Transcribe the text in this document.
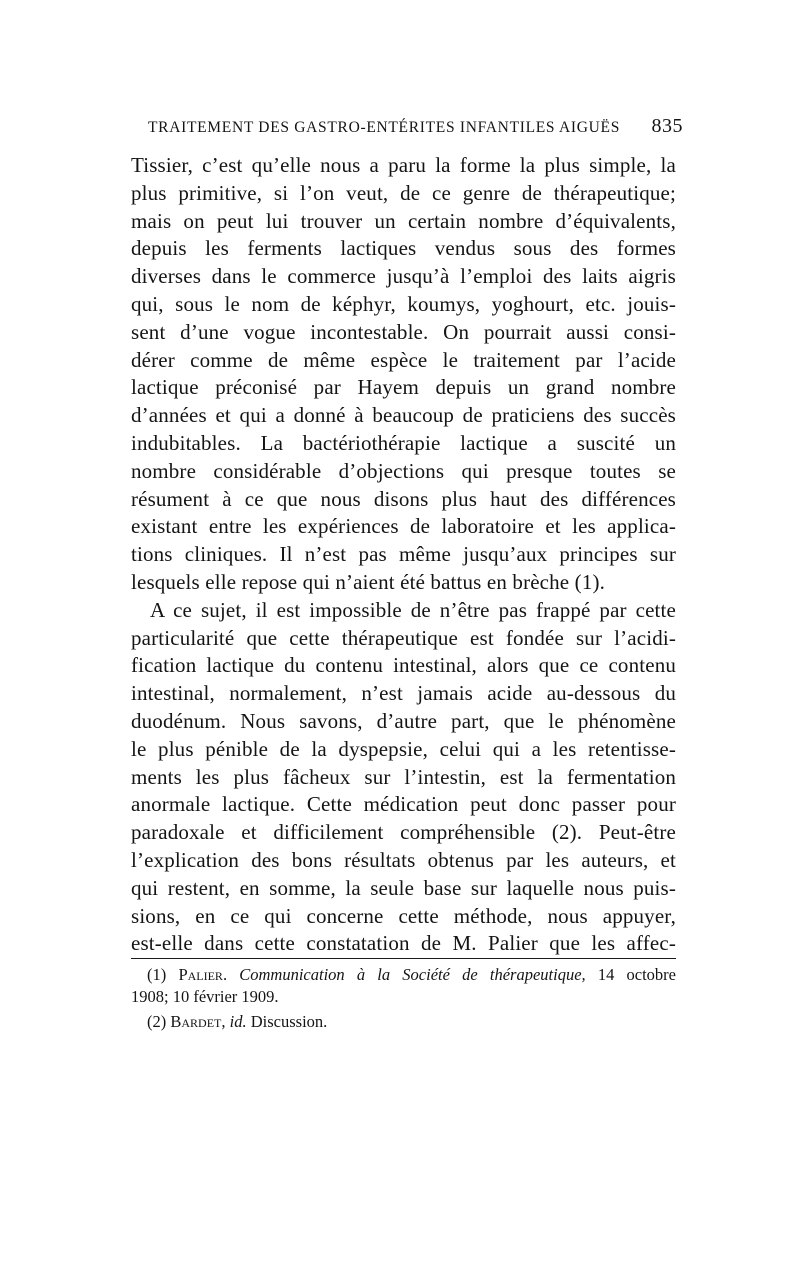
TRAITEMENT DES GASTRO-ENTÉRITES INFANTILES AIGUËS 835
Tissier, c’est qu’elle nous a paru la forme la plus simple, la
plus primitive, si l’on veut, de ce genre de thérapeutique;
mais on peut lui trouver un certain nombre d’équivalents,
depuis les ferments lactiques vendus sous des formes
diverses dans le commerce jusqu’à l’emploi des laits aigris
qui, sous le nom de képhyr, koumys, yoghourt, etc. jouis-
sent d’une vogue incontestable. On pourrait aussi consi-
dérer comme de même espèce le traitement par l’acide
lactique préconisé par Hayem depuis un grand nombre
d’années et qui a donné à beaucoup de praticiens des succès
indubitables. La bactériothérapie lactique a suscité un
nombre considérable d’objections qui presque toutes se
résument à ce que nous disons plus haut des différences
existant entre les expériences de laboratoire et les applica-
tions cliniques. Il n’est pas même jusqu’aux principes sur
lesquels elle repose qui n’aient été battus en brèche (1).
A ce sujet, il est impossible de n’être pas frappé par cette
particularité que cette thérapeutique est fondée sur l’acidi-
fication lactique du contenu intestinal, alors que ce contenu
intestinal, normalement, n’est jamais acide au-dessous du
duodénum. Nous savons, d’autre part, que le phénomène
le plus pénible de la dyspepsie, celui qui a les retentisse-
ments les plus fâcheux sur l’intestin, est la fermentation
anormale lactique. Cette médication peut donc passer pour
paradoxale et difficilement compréhensible (2). Peut-être
l’explication des bons résultats obtenus par les auteurs, et
qui restent, en somme, la seule base sur laquelle nous puis-
sions, en ce qui concerne cette méthode, nous appuyer,
est-elle dans cette constatation de M. Palier que les affec-
(1) Palier. Communication à la Société de thérapeutique, 14 octobre
1908; 10 février 1909.
(2) Bardet, id. Discussion.
